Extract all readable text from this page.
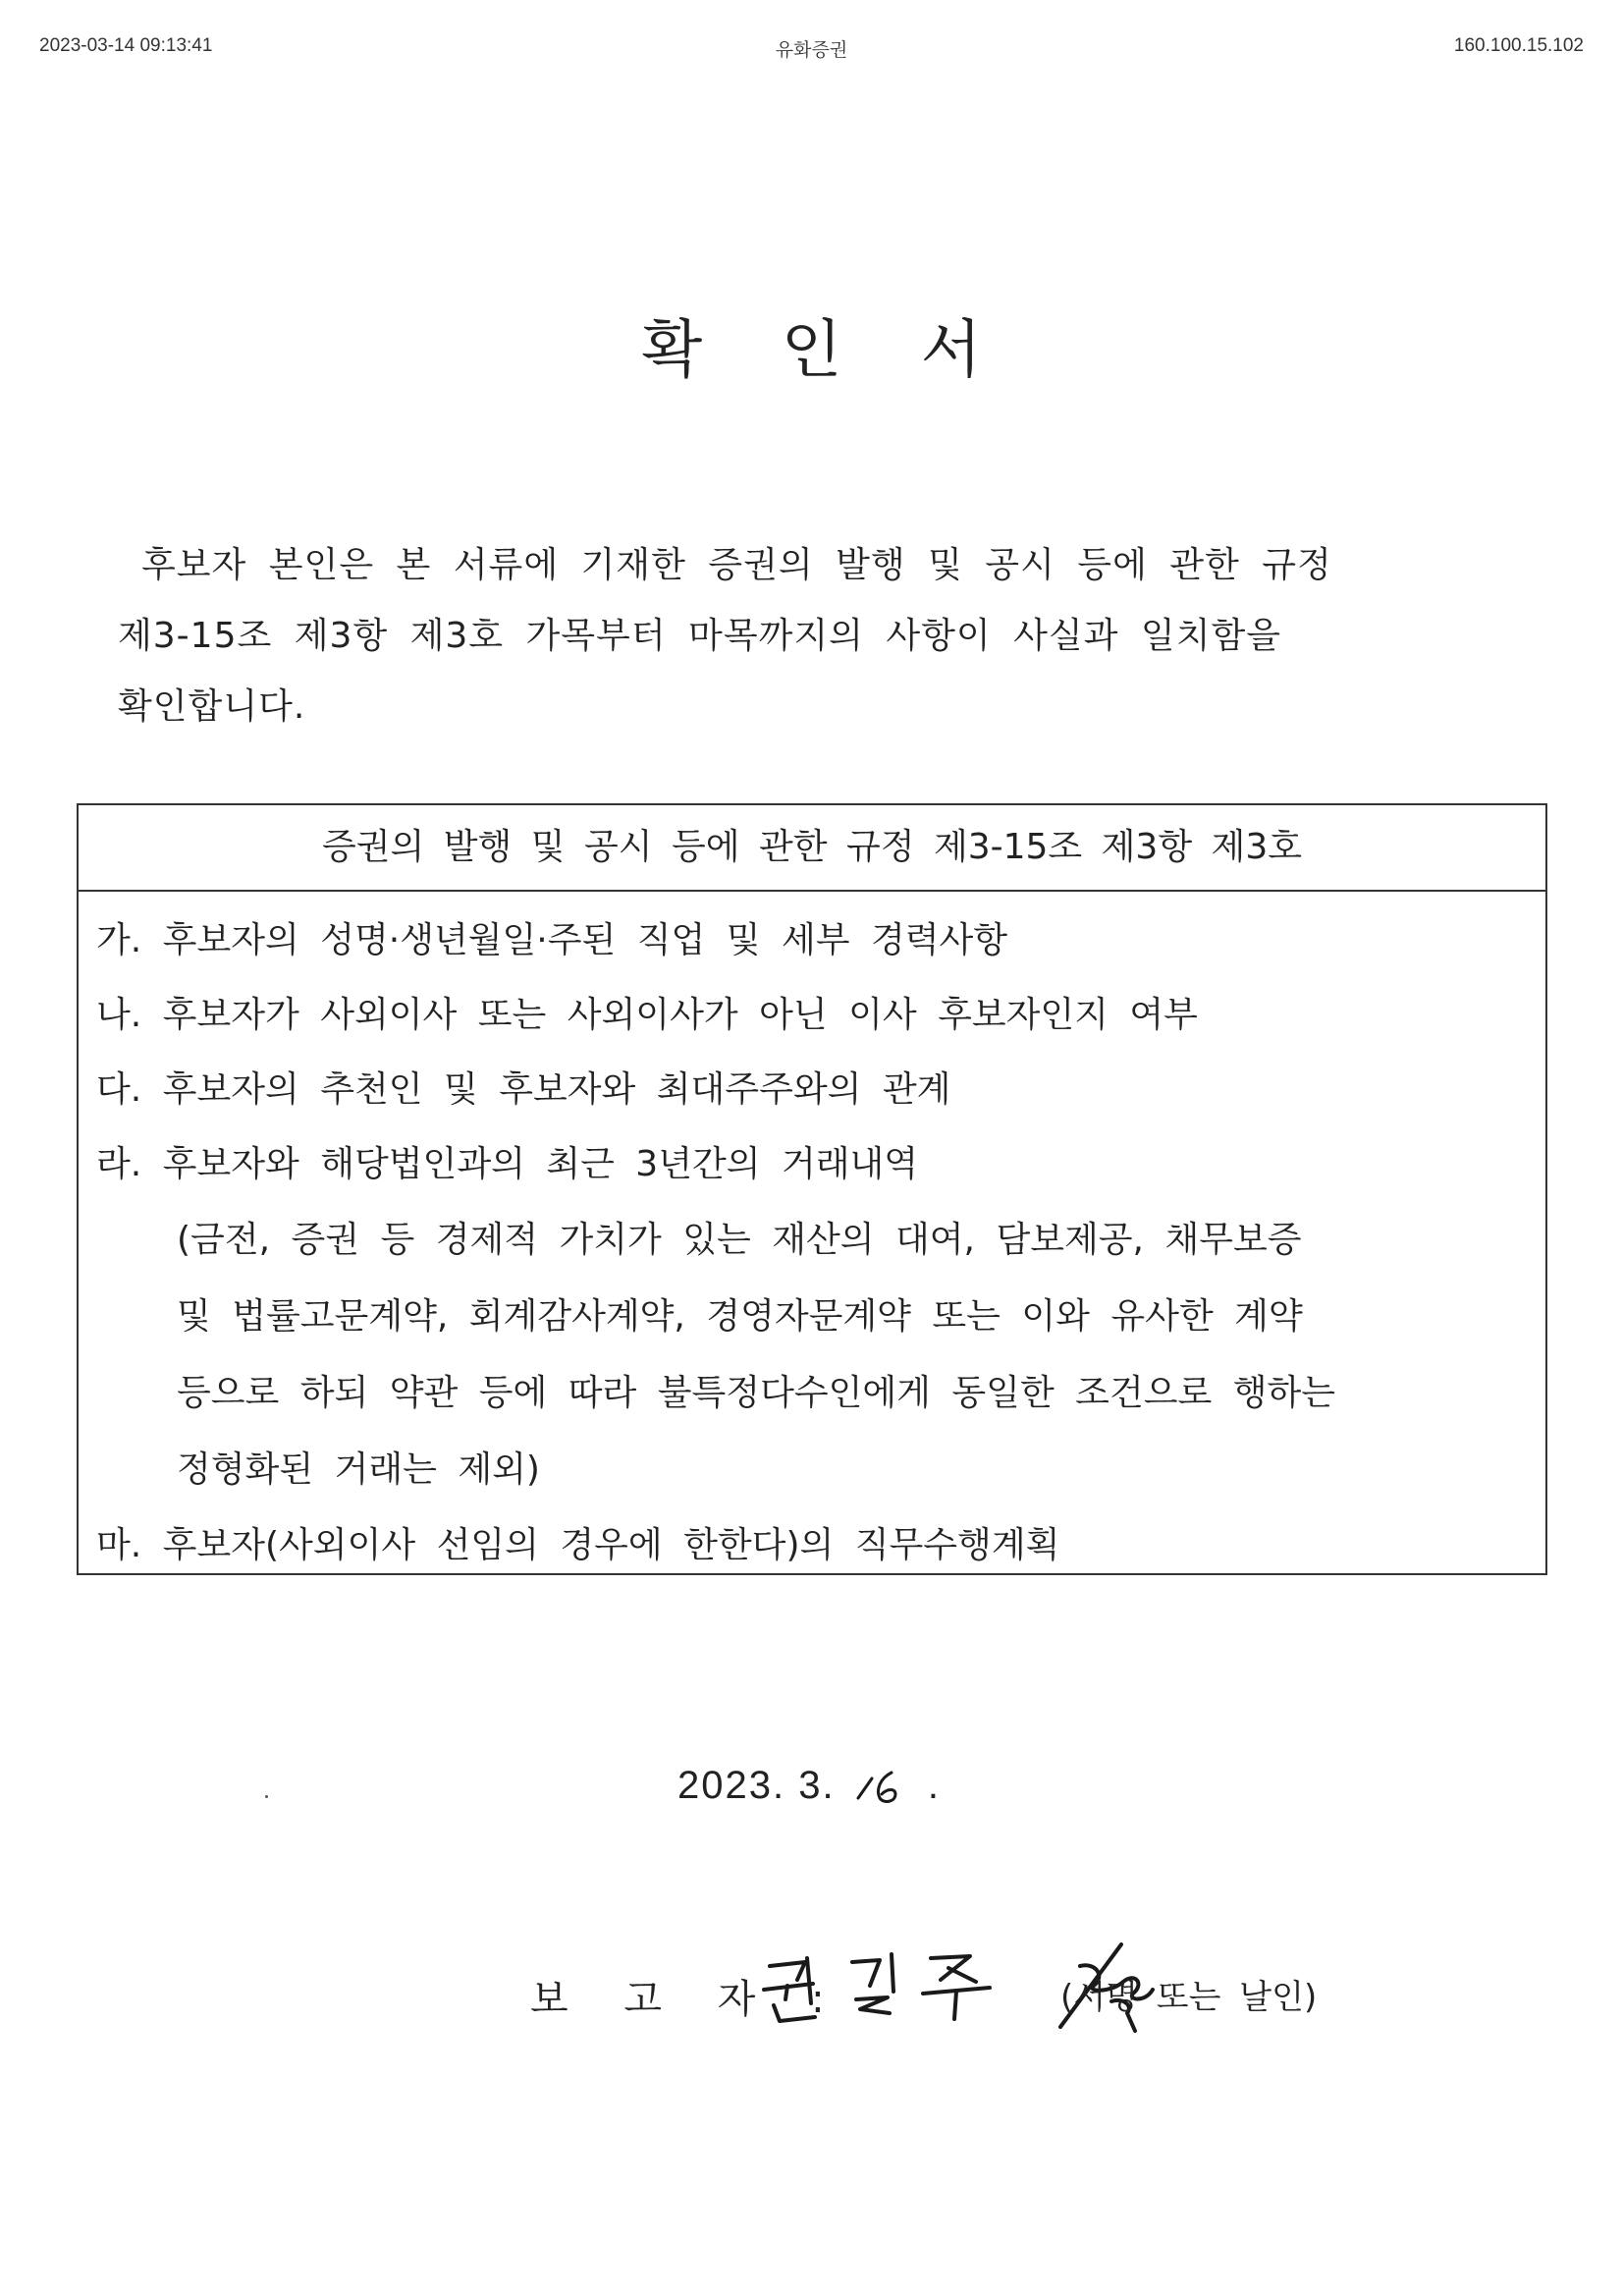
2023-03-14 09:13:41	유화증권	160.100.15.102
확 인 서
후보자 본인은 본 서류에 기재한 증권의 발행 및 공시 등에 관한 규정
제3-15조 제3항 제3호 가목부터 마목까지의 사항이 사실과 일치함을
확인합니다.
증권의 발행 및 공시 등에 관한 규정 제3-15조 제3항 제3호
가. 후보자의 성명·생년월일·주된 직업 및 세부 경력사항
나. 후보자가 사외이사 또는 사외이사가 아닌 이사 후보자인지 여부
다. 후보자의 추천인 및 후보자와 최대주주와의 관계
라. 후보자와 해당법인과의 최근 3년간의 거래내역
(금전, 증권 등 경제적 가치가 있는 재산의 대여, 담보제공, 채무보증
및 법률고문계약, 회계감사계약, 경영자문계약 또는 이와 유사한 계약
등으로 하되 약관 등에 따라 불특정다수인에게 동일한 조건으로 행하는
정형화된 거래는 제외)
마. 후보자(사외이사 선임의 경우에 한한다)의 직무수행계획
2023. 3. .
보 고 자 :	(서명 또는 날인)
